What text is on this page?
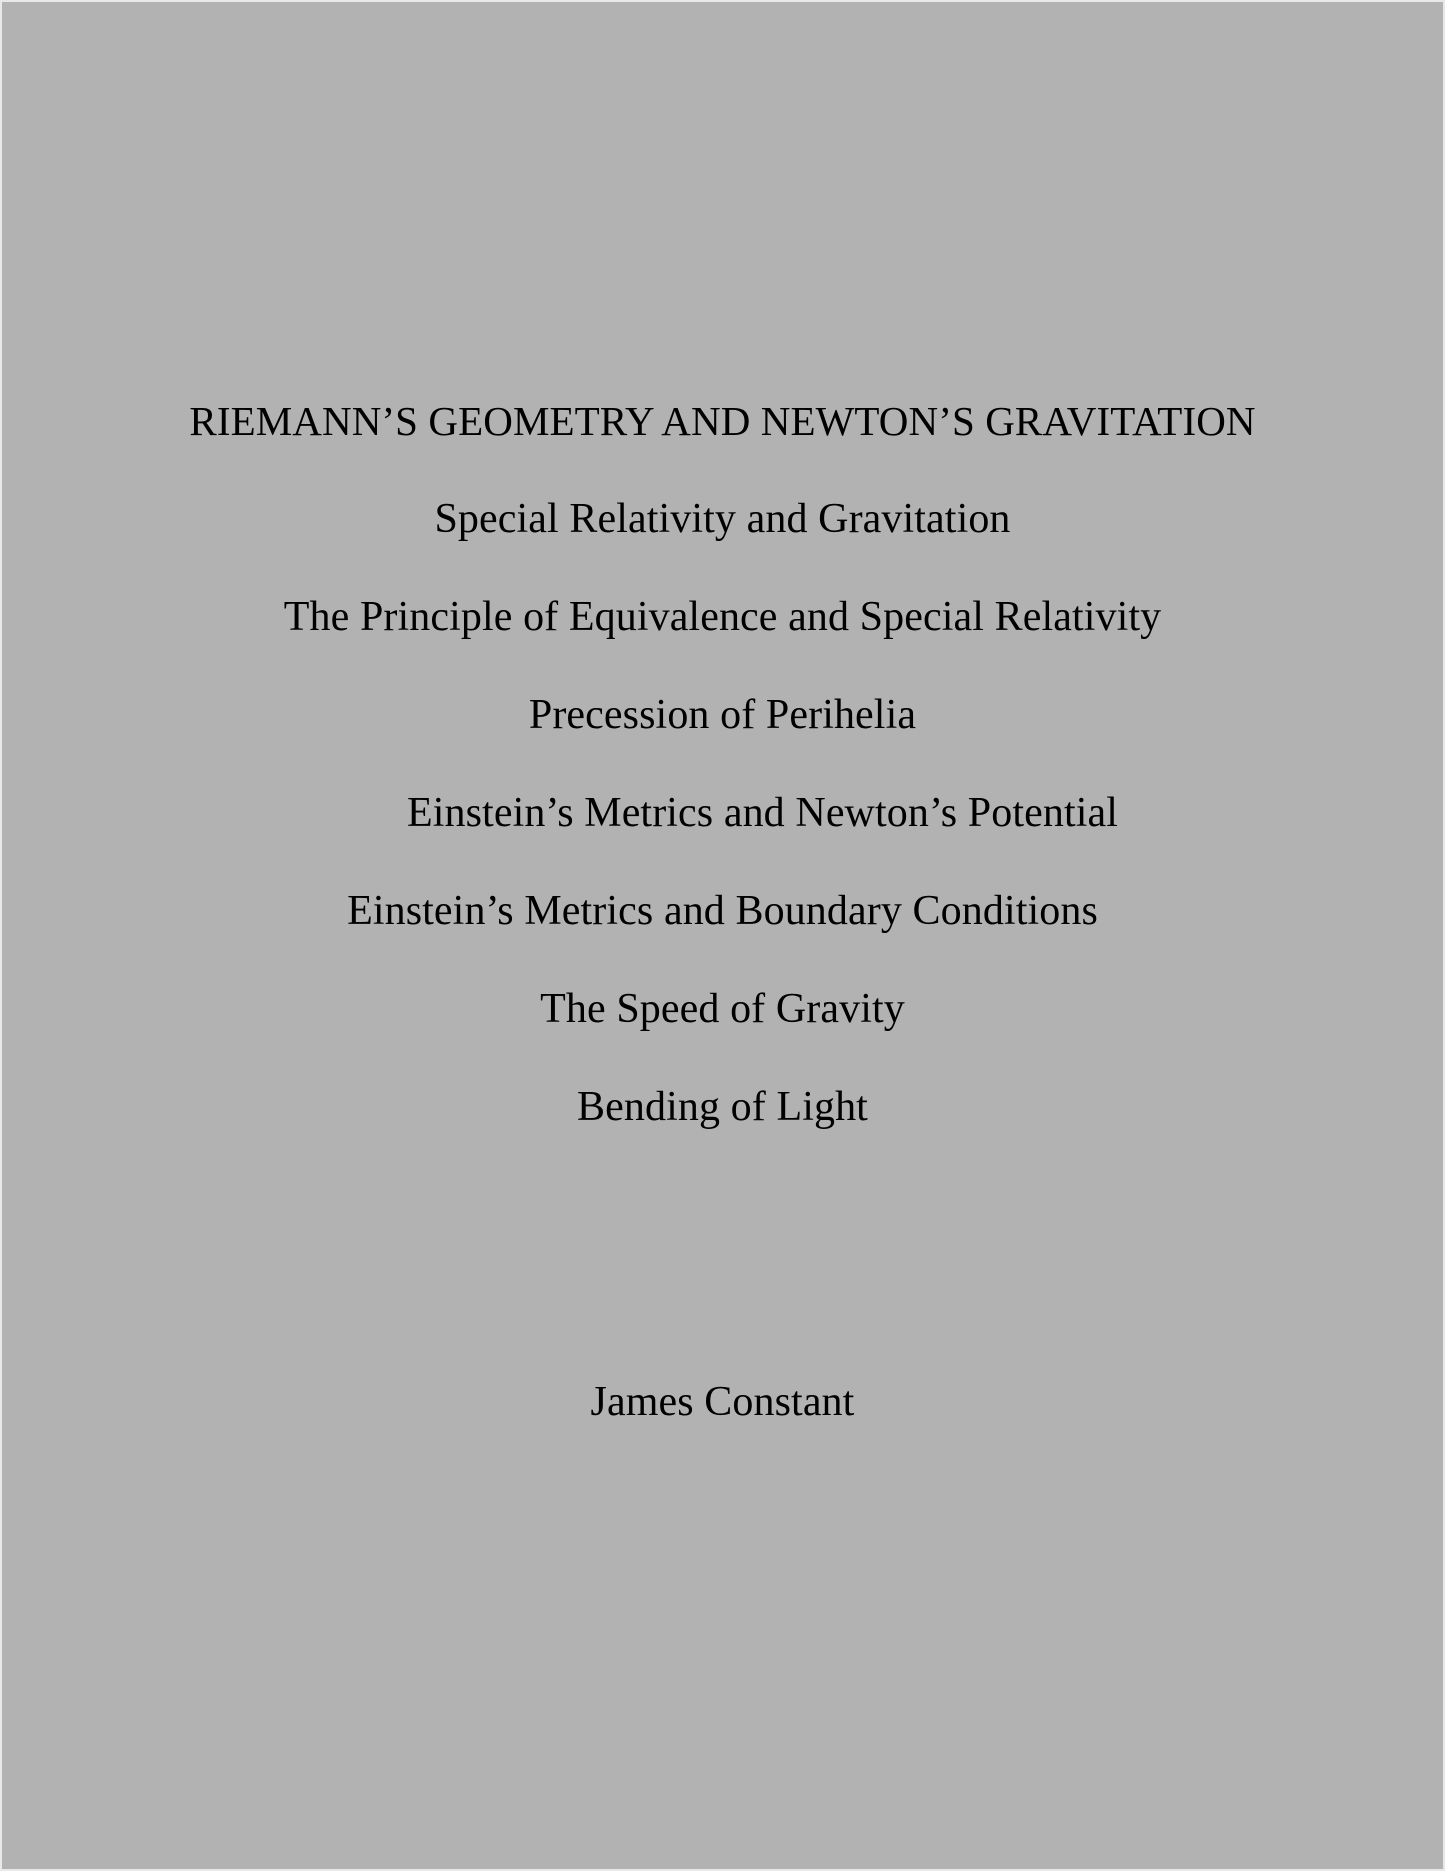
RIEMANN’S GEOMETRY AND NEWTON’S GRAVITATION
Special Relativity and Gravitation
The Principle of Equivalence and Special Relativity
Precession of Perihelia
Einstein’s Metrics and Newton’s Potential
Einstein’s Metrics and Boundary Conditions
The Speed of Gravity
Bending of Light
James Constant
